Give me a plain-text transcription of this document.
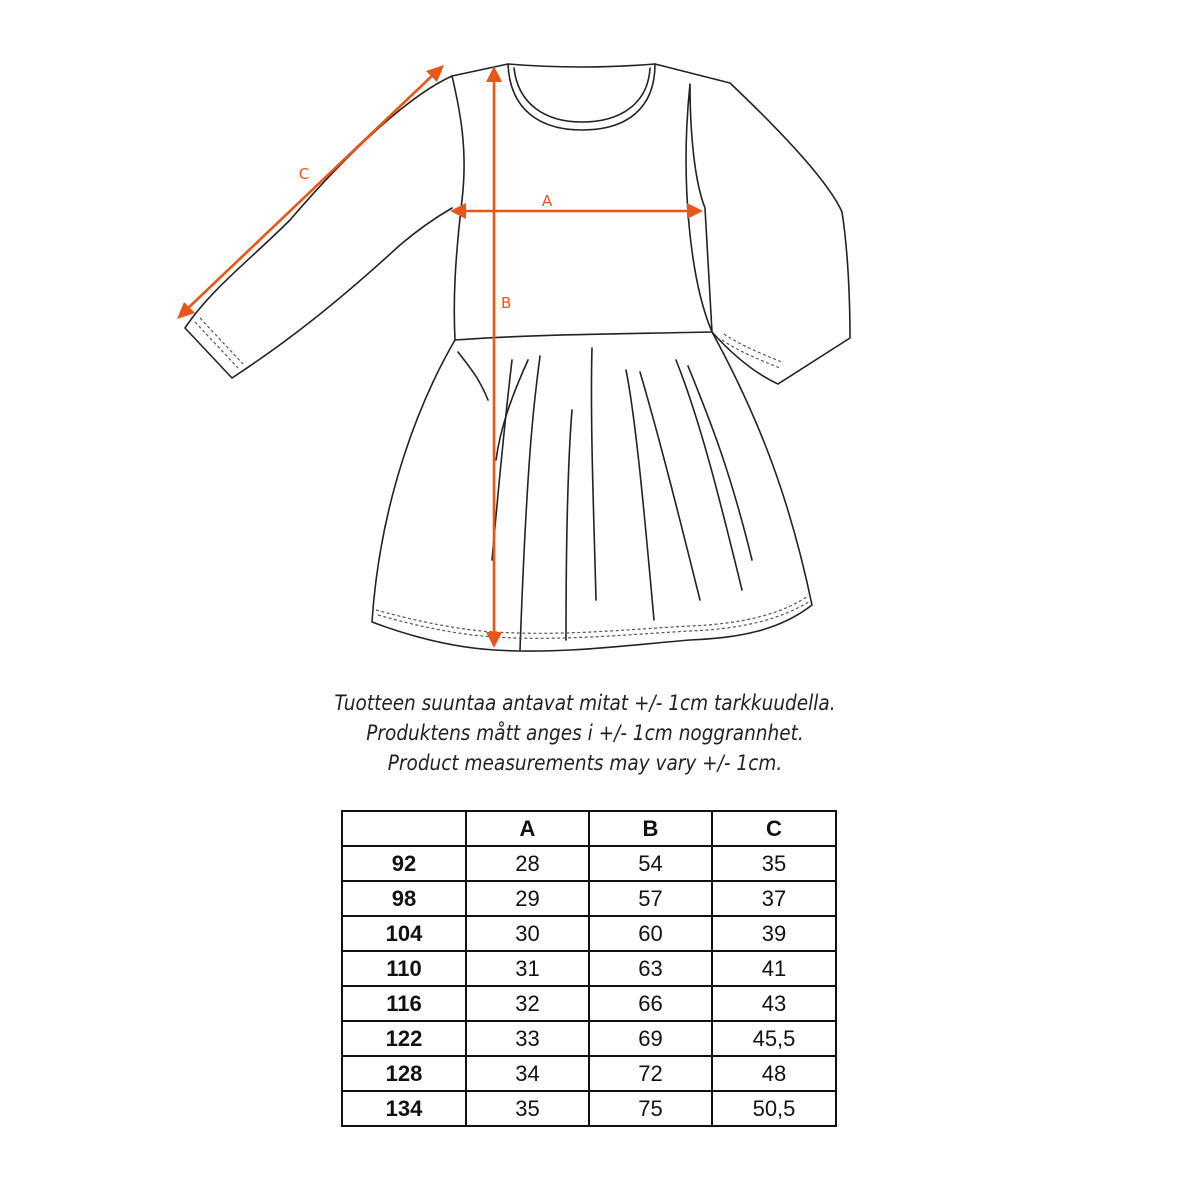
A
B
C
Tuotteen suuntaa antavat mitat +/- 1cm tarkkuudella.
Produktens mått anges i +/- 1cm noggrannhet.
Product measurements may vary +/- 1cm.
	A	B	C
92	28	54	35
98	29	57	37
104	30	60	39
110	31	63	41
116	32	66	43
122	33	69	45,5
128	34	72	48
134	35	75	50,5
